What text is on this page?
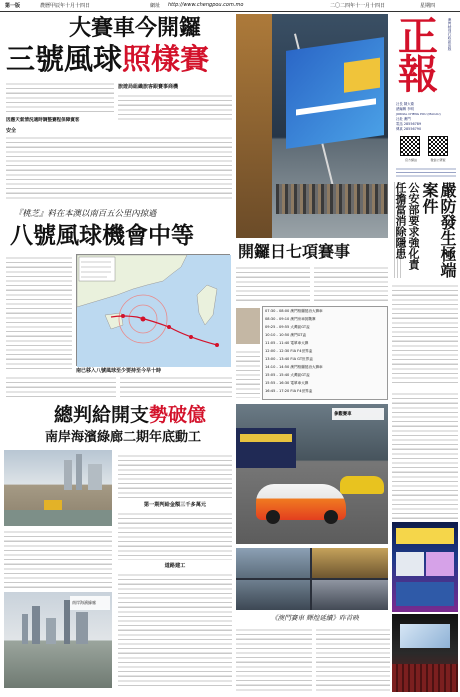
第一版	農曆甲辰年十月十四日	網址 http://www.chengpou.com.mo	二〇二四年十一月十四日	星期四
大賽車今開鑼
三號風球照樣賽
旅遊局組織旅客跟賽事商機
因應天氣情況適時調整賽程保障賓客
安全
『桃芝』料在本澳以南百五公里內掠過
八號風球機會中等
南已移入八號風球至少要持至今早十時
總判給開支勢破億
南岸海濱綠廊二期年底動工
第一期判給金額三千多萬元
道路建工
南岸海濱綠廊
正
報
澳門特別行政區出版
社長 陳大衛
總編輯 李明
JORNAL CHENG POU (MACAU)
社址 澳門
電話 28556789
傳真 28556790
官方網站	微信公眾號
開鑼日七項賽事
07:30 - 08:00 澳門格蘭披治大賽車
08:30 - 09:10 澳門房車挑戰賽
09:25 - 09:55 大灣區GT盃
10:10 - 10:50 澳門GT盃
11:05 - 11:40 電單車大賽
12:00 - 12:30 FIA F4世界盃
13:00 - 13:40 FIA GT世界盃
14:10 - 14:50 澳門格蘭披治大賽車
15:05 - 15:40 大灣區GT盃
15:55 - 16:30 電單車大賽
16:45 - 17:20 FIA F4世界盃
公安部要求強化責任擔當消除隱患	嚴防發生極端案件
參觀賽車
《澳門賽車 輝煌延續》昨首映
